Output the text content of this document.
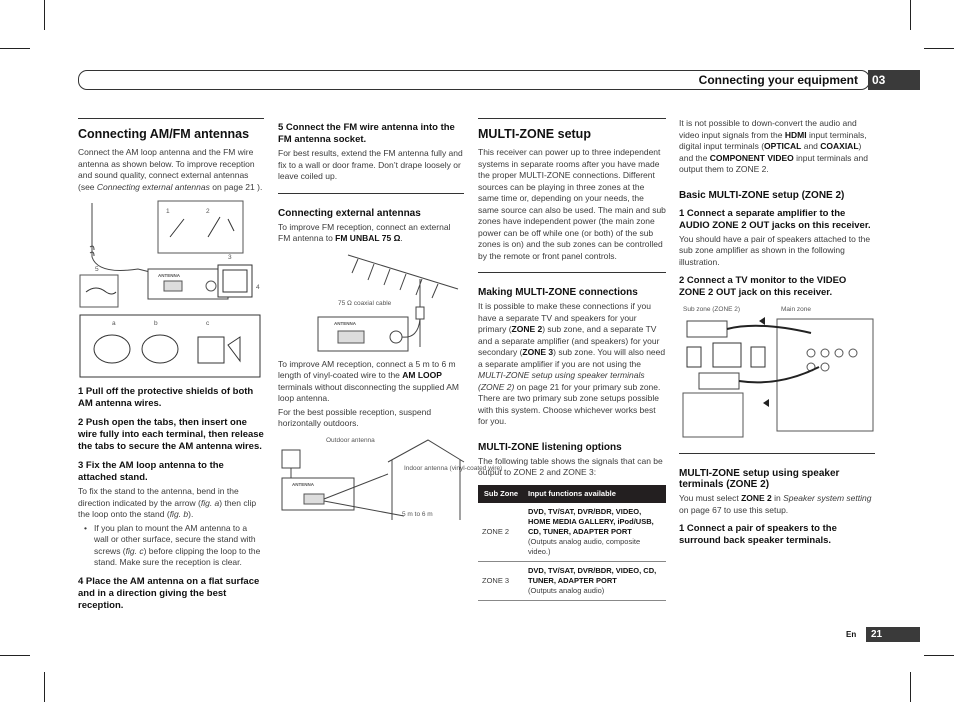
Connecting your equipment	03
Connecting AM/FM antennas

Connect the AM loop antenna and the FM wire antenna as shown below. To improve reception and sound quality, connect external antennas (see Connecting external antennas on page 21 ).

5
ANTENNA
1	2
3
4
a	b	c
1 Pull off the protective shields of both AM antenna wires.
2 Push open the tabs, then insert one wire fully into each terminal, then release the tabs to secure the AM antenna wires.
3 Fix the AM loop antenna to the attached stand.

To fix the stand to the antenna, bend in the direction indicated by the arrow (fig. a) then clip the loop onto the stand (fig. b).

• If you plan to mount the AM antenna to a wall or other surface, secure the stand with screws (fig. c) before clipping the loop to the stand. Make sure the reception is clear.
4 Place the AM antenna on a flat surface and in a direction giving the best reception.
5 Connect the FM wire antenna into the FM antenna socket.

For best results, extend the FM antenna fully and fix to a wall or door frame. Don’t drape loosely or leave coiled up.

Connecting external antennas

To improve FM reception, connect an external FM antenna to FM UNBAL 75 Ω.

75 Ω coaxial cable
ANTENNA

To improve AM reception, connect a 5 m to 6 m length of vinyl-coated wire to the AM LOOP terminals without disconnecting the supplied AM loop antenna.

For the best possible reception, suspend horizontally outdoors.

Outdoor antenna
Indoor antenna (vinyl-coated wire)
ANTENNA
5 m to 6 m
MULTI-ZONE setup

This receiver can power up to three independent systems in separate rooms after you have made the proper MULTI-ZONE connections. Different sources can be playing in three zones at the same time or, depending on your needs, the same source can also be used. The main and sub zones have independent power (the main zone power can be off while one (or both) of the sub zones is on) and the sub zones can be controlled by the remote or front panel controls.

Making MULTI-ZONE connections

It is possible to make these connections if you have a separate TV and speakers for your primary (ZONE 2) sub zone, and a separate TV and a separate amplifier (and speakers) for your secondary (ZONE 3) sub zone. You will also need a separate amplifier if you are not using the MULTI-ZONE setup using speaker terminals (ZONE 2) on page 21 for your primary sub zone. There are two primary sub zone setups possible with this system. Choose whichever works best for you.

MULTI-ZONE listening options

The following table shows the signals that can be output to ZONE 2 and ZONE 3:

Sub Zone	Input functions available
ZONE 2	DVD, TV/SAT, DVR/BDR, VIDEO, HOME MEDIA GALLERY, iPod/USB, CD, TUNER, ADAPTER PORT
(Outputs analog audio, composite video.)
ZONE 3	DVD, TV/SAT, DVR/BDR, VIDEO, CD, TUNER, ADAPTER PORT
(Outputs analog audio)

It is not possible to down-convert the audio and video input signals from the HDMI input terminals, digital input terminals (OPTICAL and COAXIAL) and the COMPONENT VIDEO input terminals and output them to ZONE 2.

Basic MULTI-ZONE setup (ZONE 2)
1 Connect a separate amplifier to the AUDIO ZONE 2 OUT jacks on this receiver.

You should have a pair of speakers attached to the sub zone amplifier as shown in the following illustration.

2 Connect a TV monitor to the VIDEO ZONE 2 OUT jack on this receiver.
Sub zone (ZONE 2)	Main zone
MULTI-ZONE setup using speaker terminals (ZONE 2)

You must select ZONE 2 in Speaker system setting on page 67 to use this setup.

1 Connect a pair of speakers to the surround back speaker terminals.
En	21
